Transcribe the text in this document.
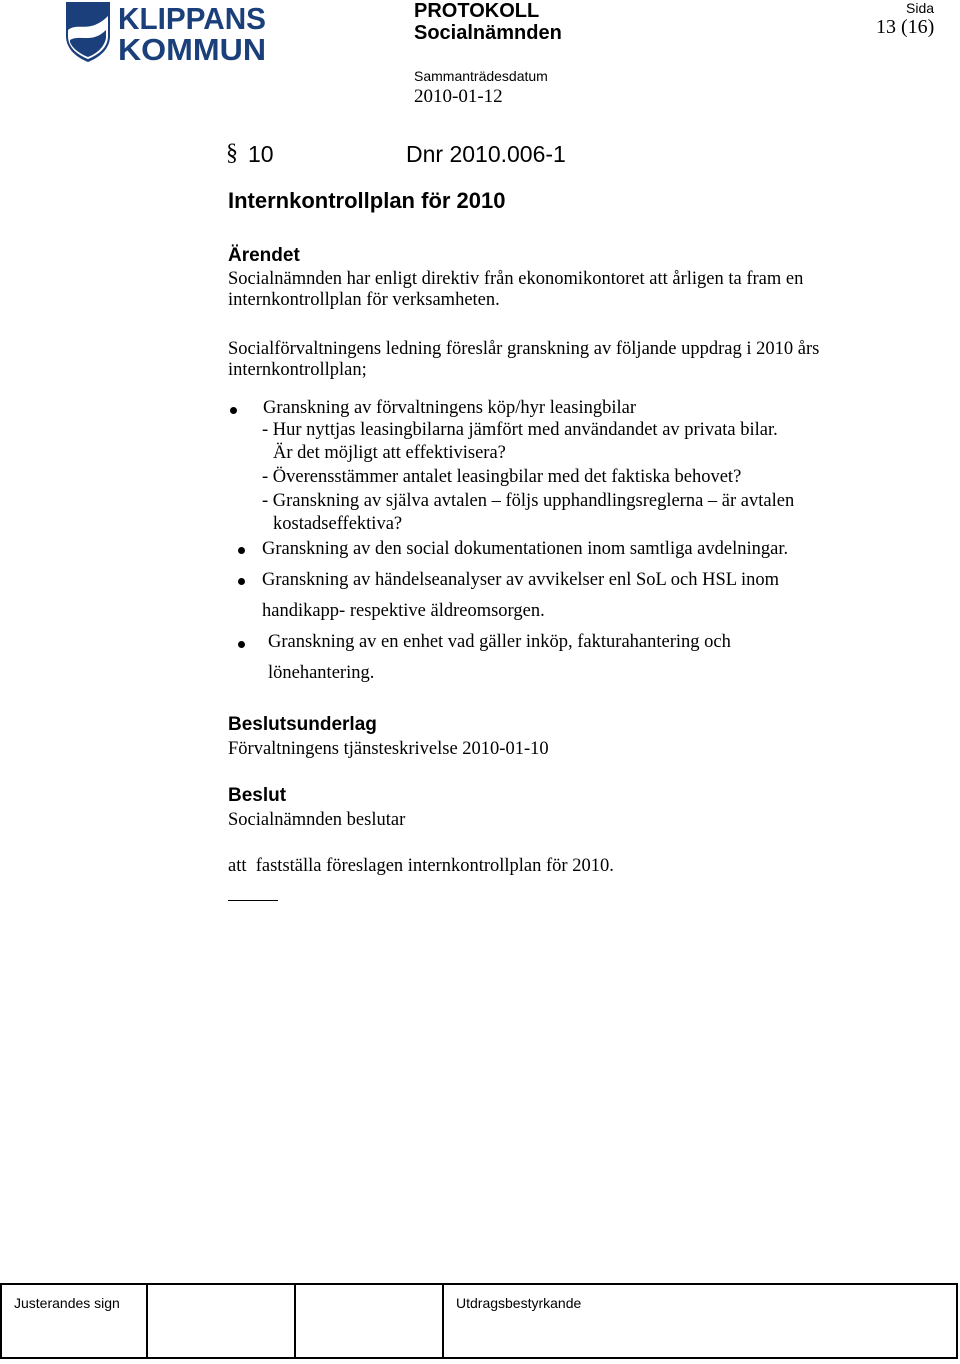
KLIPPANS
KOMMUN
PROTOKOLL
Socialnämnden
Sida
13 (16)
Sammanträdesdatum
2010-01-12
§ 10	Dnr 2010.006-1
Internkontrollplan för 2010
Ärendet
Socialnämnden har enligt direktiv från ekonomikontoret att årligen ta fram en internkontrollplan för verksamheten.
Socialförvaltningens ledning föreslår granskning av följande uppdrag i 2010 års internkontrollplan;
Granskning av förvaltningens köp/hyr leasingbilar
- Hur nyttjas leasingbilarna jämfört med användandet av privata bilar.
Är det möjligt att effektivisera?
- Överensstämmer antalet leasingbilar med det faktiska behovet?
- Granskning av själva avtalen – följs upphandlingsreglerna – är avtalen
kostadseffektiva?
Granskning av den social dokumentationen inom samtliga avdelningar.
Granskning av händelseanalyser av avvikelser enl SoL och HSL inom
handikapp- respektive äldreomsorgen.
Granskning av en enhet vad gäller inköp, fakturahantering och
lönehantering.
Beslutsunderlag
Förvaltningens tjänsteskrivelse 2010-01-10
Beslut
Socialnämnden beslutar
att  fastställa föreslagen internkontrollplan för 2010.
Justerandes sign	Utdragsbestyrkande
